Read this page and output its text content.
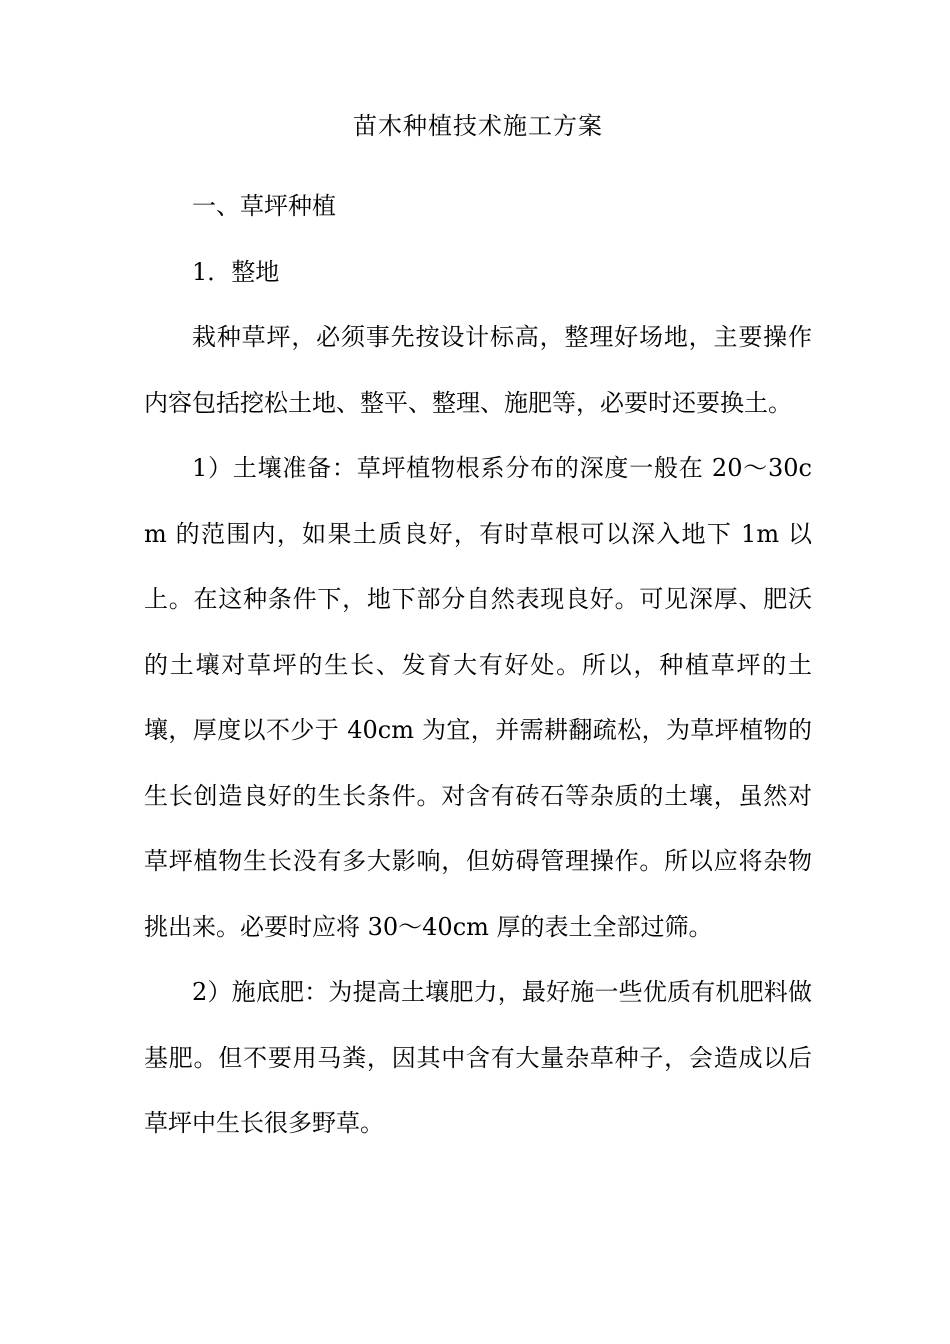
苗木种植技术施工方案
一、草坪种植
1．整地

栽种草坪，必须事先按设计标高，整理好场地，主要操作内容包括挖松土地、整平、整理、施肥等，必要时还要换土。

1）土壤准备：草坪植物根系分布的深度一般在 20～30cm 的范围内，如果土质良好，有时草根可以深入地下 1m 以上。在这种条件下，地下部分自然表现良好。可见深厚、肥沃的土壤对草坪的生长、发育大有好处。所以，种植草坪的土壤，厚度以不少于 40cm 为宜，并需耕翻疏松，为草坪植物的生长创造良好的生长条件。对含有砖石等杂质的土壤，虽然对草坪植物生长没有多大影响，但妨碍管理操作。所以应将杂物挑出来。必要时应将 30～40cm 厚的表土全部过筛。

2）施底肥：为提高土壤肥力，最好施一些优质有机肥料做基肥。但不要用马粪，因其中含有大量杂草种子，会造成以后草坪中生长很多野草。
